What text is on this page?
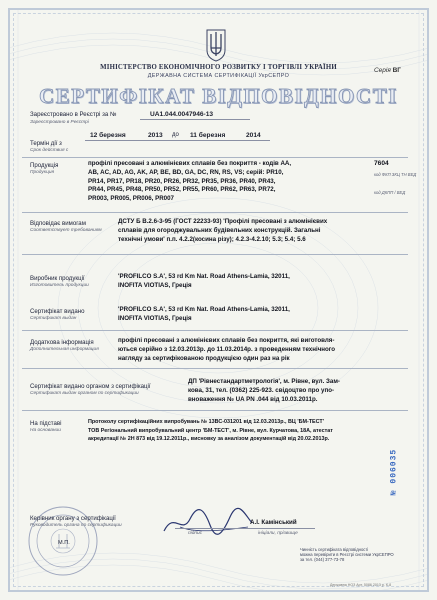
Серія ВГ
МІНІСТЕРСТВО ЕКОНОМІЧНОГО РОЗВИТКУ І ТОРГІВЛІ УКРАЇНИ
ДЕРЖАВНА СИСТЕМА СЕРТИФІКАЦІЇ УкрСЕПРО
СЕРТИФІКАТ ВІДПОВІДНОСТІ
Зареєстровано в Реєстрі за №
Зареєстровано в Реєстрі
UA1.044.0047946-13
12 березня	2013 до 11 березня	2014
Термін дії з
Срок действия с
Продукція
Продукция
профілі пресовані з алюмінієвих сплавів без покриття - кодів AA,
AB, AC, AD, AG, AK, AP, BE, BD, GA, DC, RN, RS, VS; серій: PR10,
PR14, PR17, PR18, PR20, PR26, PR32, PR35, PR36, PR40, PR43,
PR44, PR45, PR48, PR50, PR52, PR55, PR60, PR62, PR63, PR72,
PR003, PR005, PR006, PR007
7604
код ФКП ЗКЦ ТН ВЕД
код ДКПП / ВЕД
Відповідає вимогам
Соответствует требованиям
ДСТУ Б В.2.6-3-95 (ГОСТ 22233-93) 'Профілі пресовані з алюмінієвих
сплавів для огороджувальних будівельних конструкцій. Загальні
технічні умови' п.п. 4.2.2(косина різу); 4.2.3-4.2.10; 5.3; 5.4; 5.6
Виробник продукції
Изготовитель продукции
'PROFILCO S.A', 53 rd Km Nat. Road Athens-Lamia, 32011,
INOFITA VIOTIAS, Греція
Сертифікат видано
Сертификат выдан
'PROFILCO S.A', 53 rd Km Nat. Road Athens-Lamia, 32011,
INOFITA VIOTIAS, Греція
Додаткова інформація
Дополнительная информация
профілі пресовані з алюмінієвих сплавів без покриття, які виготовля-
ються серійно з 12.03.2013р. до 11.03.2014р. з проведенням технічного
нагляду за сертифікованою продукцією один раз на рік
Сертифікат видано органом з сертифікації
Сертификат выдан органом по сертификации
ДП 'Рівнестандартметрологія', м. Рівне, вул. Зам-
кова, 31, тел. (0362) 225-923. свідоцтво про упо-
вноваження № UA PN .044 від 10.03.2011р.
На підставі
На основании
Протоколу сертифікаційних випробувань № 13ВС-031201 від 12.03.2013р., ВЦ 'БМ-ТЕСТ'
ТОВ Регіональний випробувальний центр 'БМ-ТЕСТ', м. Рівне, вул. Курчатова, 18А, атестат
акредитації № 2Н 873 від 19.12.2011р., висновку за аналізом документацій від 20.02.2013р.
№ 006035
Керівник органу з сертифікації
Руководитель органа по сертификации
М.П.
підпис
А.І. Камінський
ініціали, прізвище
Чинність сертифіката відповідності
можна перевірити в Реєстрі системи УкрСЕПРО
за тел. (044) 377-73-78
Державна НОЗ Арт. 5086 2013 р. К-8
